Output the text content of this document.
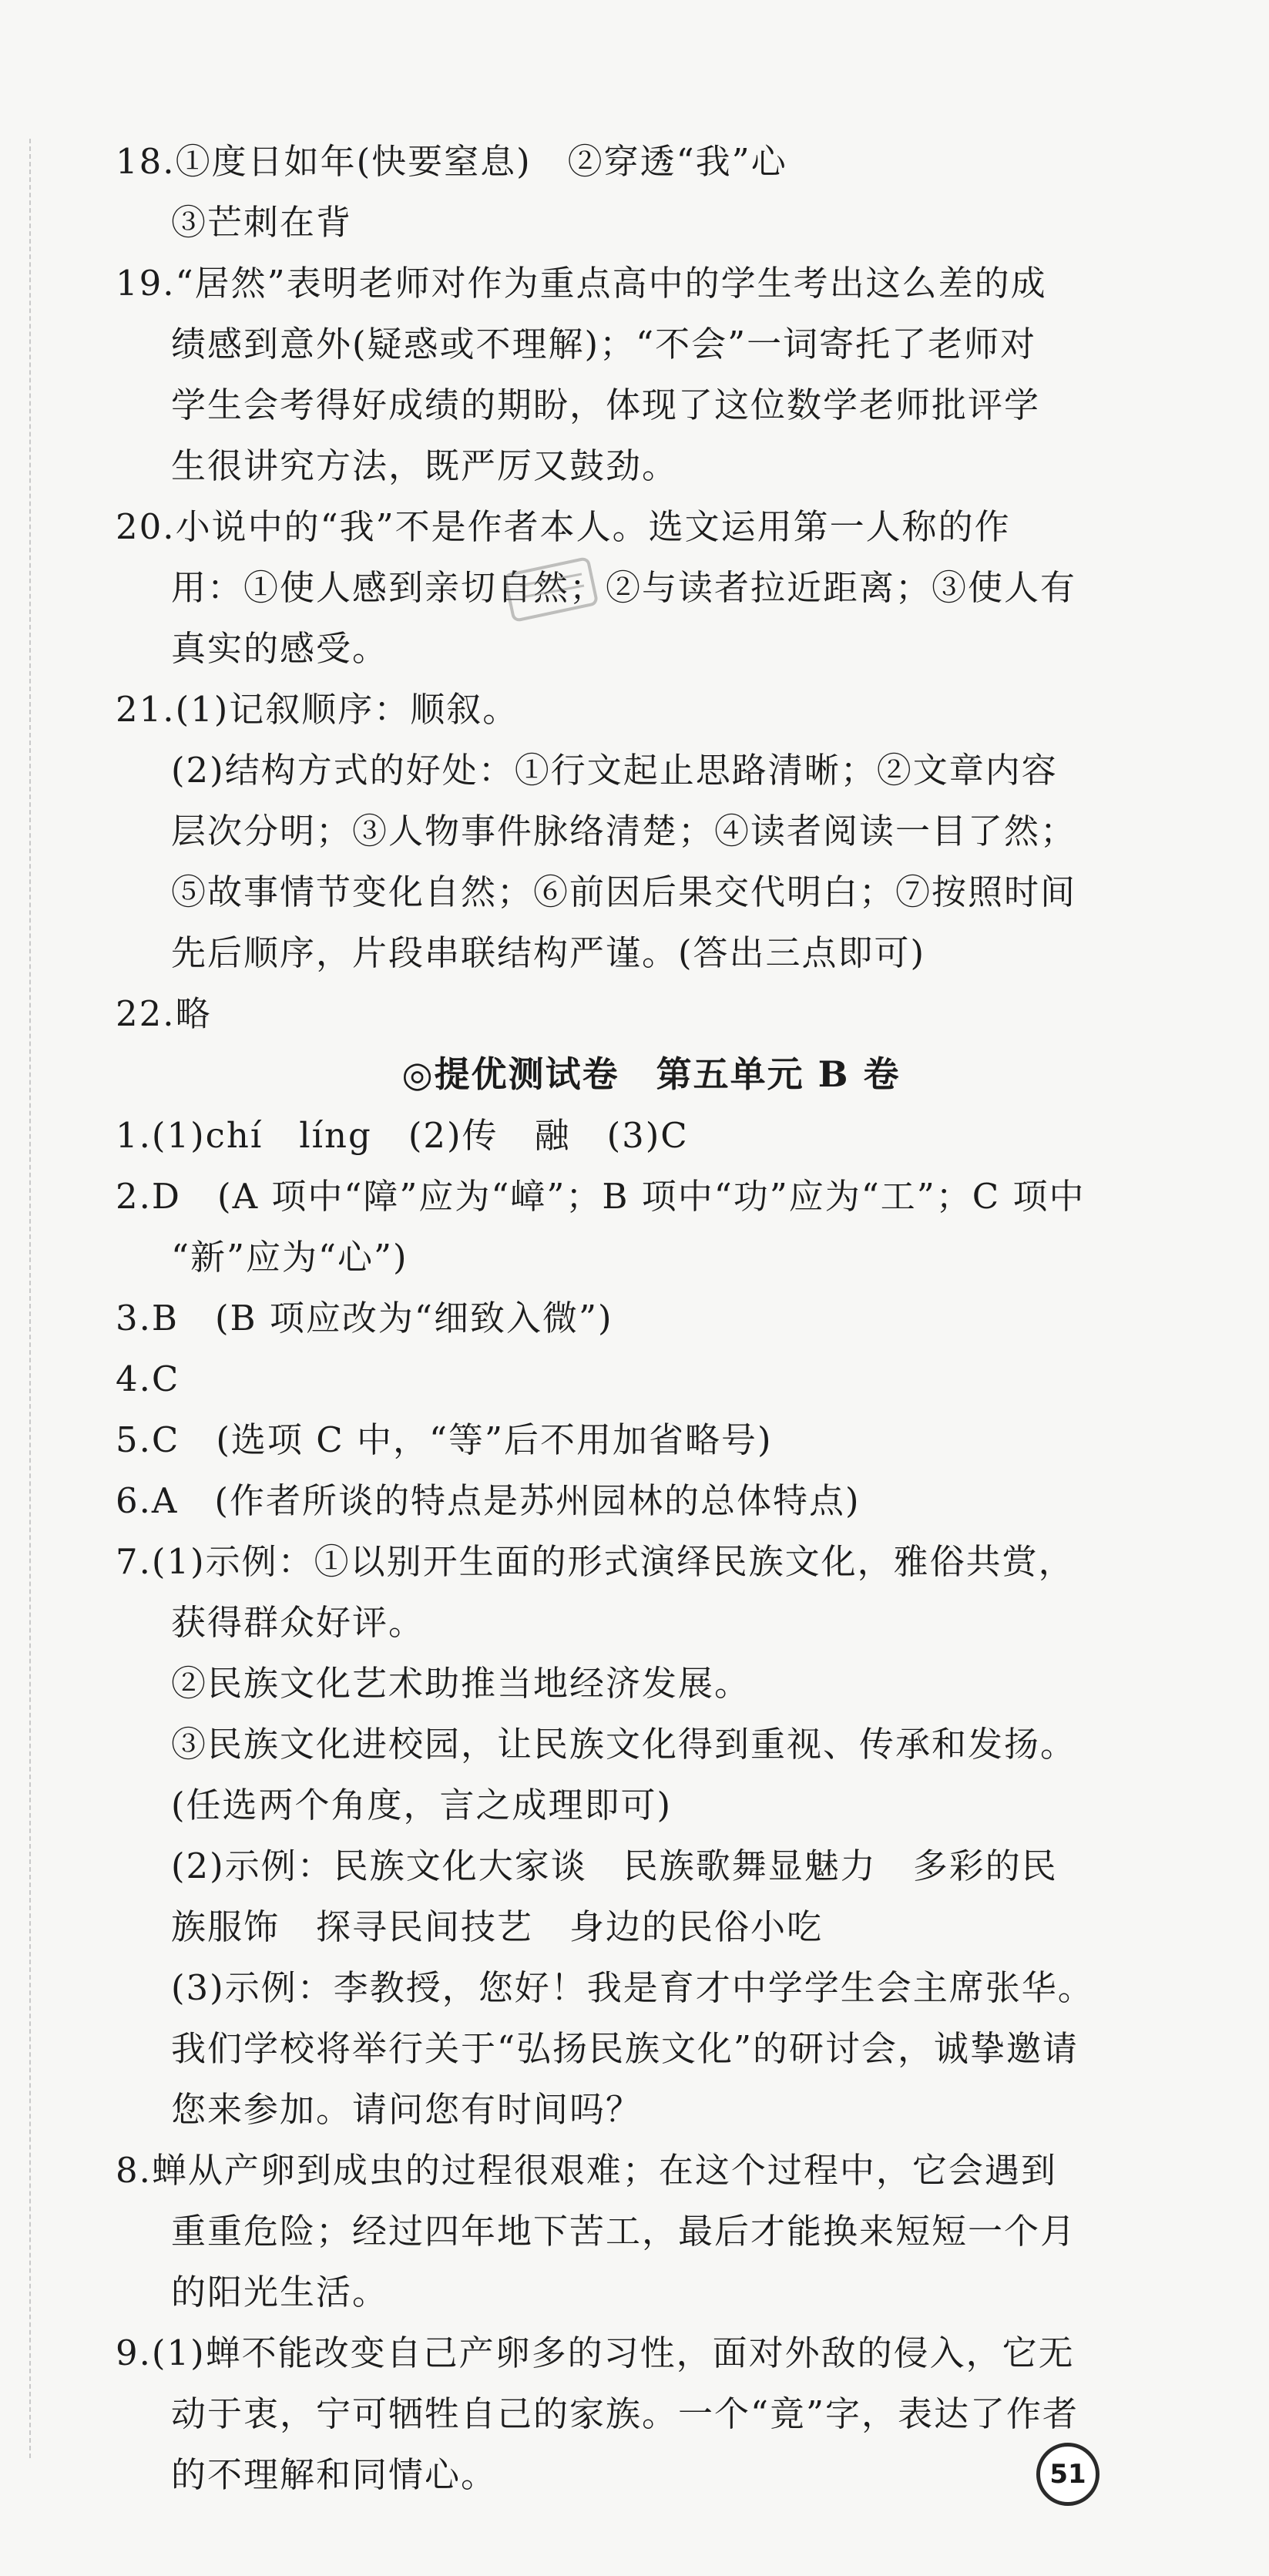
18.①度日如年(快要窒息)　②穿透“我”心
③芒刺在背
19.“居然”表明老师对作为重点高中的学生考出这么差的成
绩感到意外(疑惑或不理解)；“不会”一词寄托了老师对
学生会考得好成绩的期盼，体现了这位数学老师批评学
生很讲究方法，既严厉又鼓劲。
20.小说中的“我”不是作者本人。选文运用第一人称的作
用：①使人感到亲切自然；②与读者拉近距离；③使人有
真实的感受。
21.(1)记叙顺序：顺叙。
(2)结构方式的好处：①行文起止思路清晰；②文章内容
层次分明；③人物事件脉络清楚；④读者阅读一目了然；
⑤故事情节变化自然；⑥前因后果交代明白；⑦按照时间
先后顺序，片段串联结构严谨。(答出三点即可)
22.略
◎提优测试卷　第五单元 B 卷
1.(1)chí　líng　(2)传　融　(3)C
2.D　(A 项中“障”应为“嶂”；B 项中“功”应为“工”；C 项中
“新”应为“心”)
3.B　(B 项应改为“细致入微”)
4.C
5.C　(选项 C 中，“等”后不用加省略号)
6.A　(作者所谈的特点是苏州园林的总体特点)
7.(1)示例：①以别开生面的形式演绎民族文化，雅俗共赏，
获得群众好评。
②民族文化艺术助推当地经济发展。
③民族文化进校园，让民族文化得到重视、传承和发扬。
(任选两个角度，言之成理即可)
(2)示例：民族文化大家谈　民族歌舞显魅力　多彩的民
族服饰　探寻民间技艺　身边的民俗小吃
(3)示例：李教授，您好！我是育才中学学生会主席张华。
我们学校将举行关于“弘扬民族文化”的研讨会，诚挚邀请
您来参加。请问您有时间吗？
8.蝉从产卵到成虫的过程很艰难；在这个过程中，它会遇到
重重危险；经过四年地下苦工，最后才能换来短短一个月
的阳光生活。
9.(1)蝉不能改变自己产卵多的习性，面对外敌的侵入，它无
动于衷，宁可牺牲自己的家族。一个“竟”字，表达了作者
的不理解和同情心。	51
